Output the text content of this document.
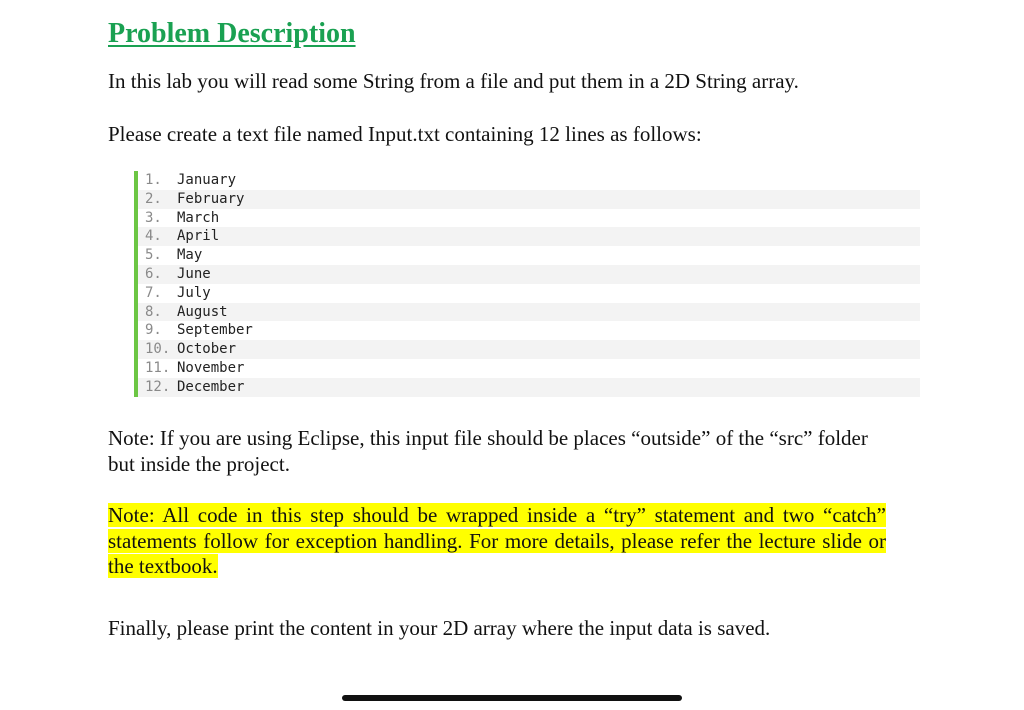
Problem Description
In this lab you will read some String from a file and put them in a 2D String array.
Please create a text file named Input.txt containing 12 lines as follows:
1. January
2. February
3. March
4. April
5. May
6. June
7. July
8. August
9. September
10. October
11. November
12. December
Note: If you are using Eclipse, this input file should be places “outside” of the “src” folder but inside the project.
Note: All code in this step should be wrapped inside a “try” statement and two “catch” statements follow for exception handling. For more details, please refer the lecture slide or the textbook.
Finally, please print the content in your 2D array where the input data is saved.
